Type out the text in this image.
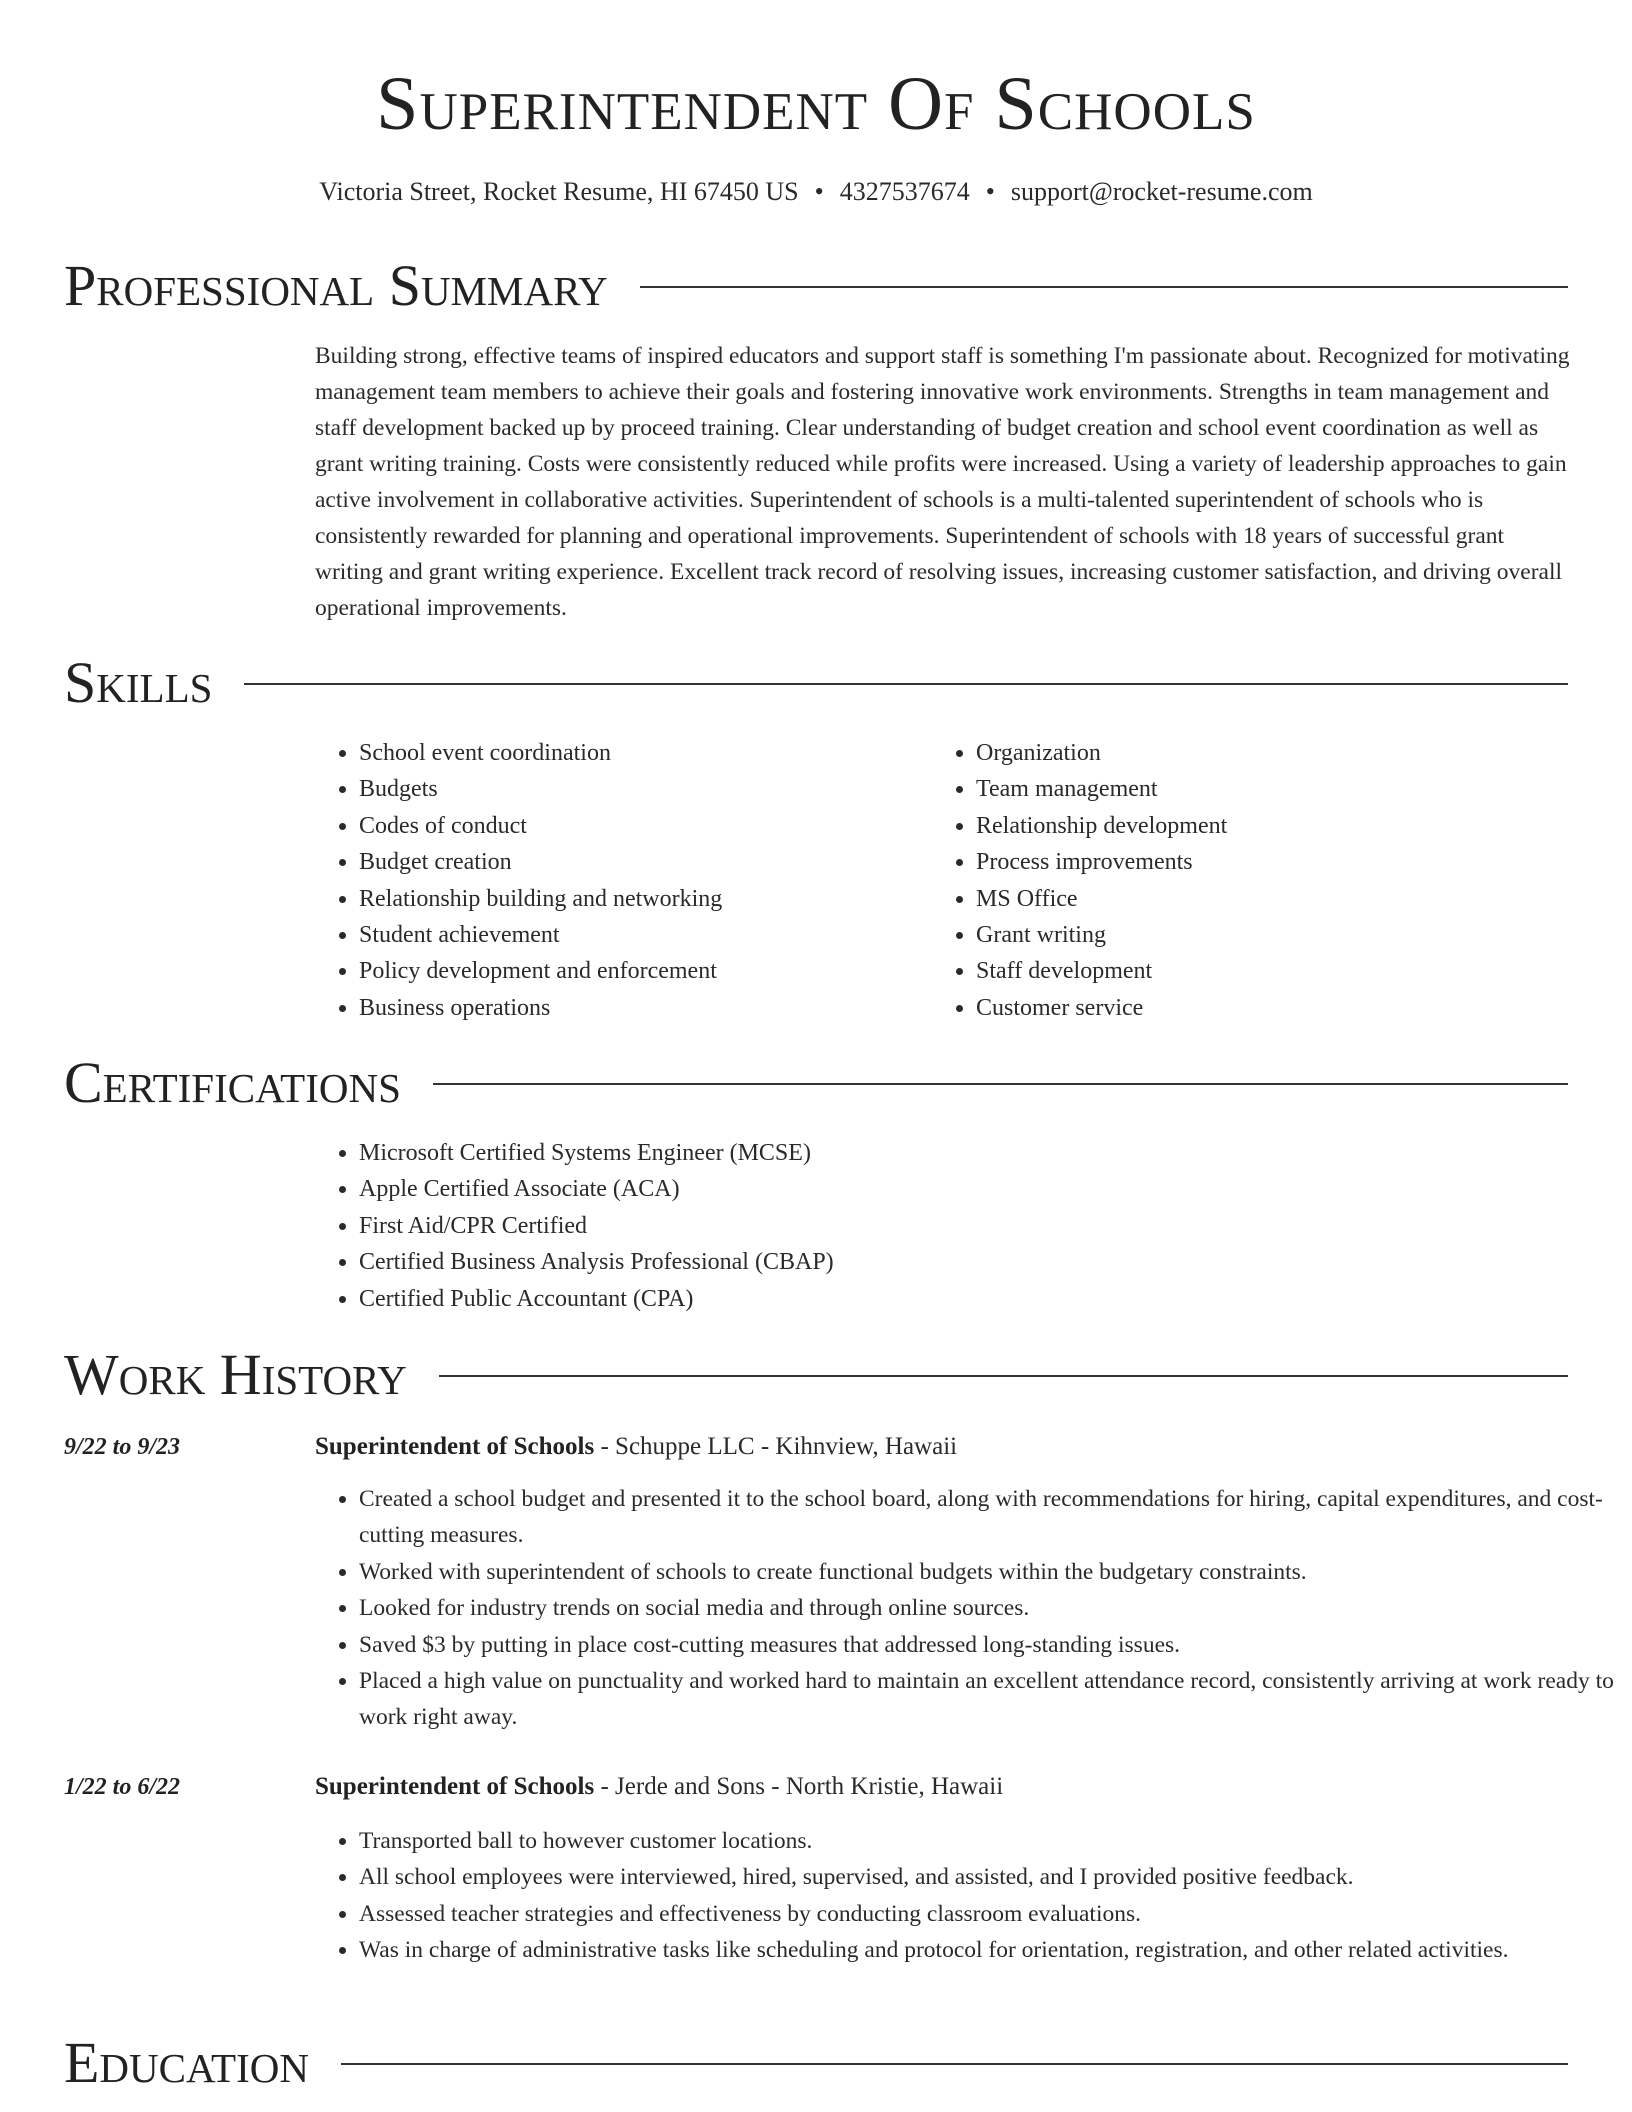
Superintendent Of Schools
Victoria Street, Rocket Resume, HI 67450 US • 4327537674 • support@rocket-resume.com
Professional Summary
Building strong, effective teams of inspired educators and support staff is something I'm passionate about. Recognized for motivating management team members to achieve their goals and fostering innovative work environments. Strengths in team management and staff development backed up by proceed training. Clear understanding of budget creation and school event coordination as well as grant writing training. Costs were consistently reduced while profits were increased. Using a variety of leadership approaches to gain active involvement in collaborative activities. Superintendent of schools is a multi-talented superintendent of schools who is consistently rewarded for planning and operational improvements. Superintendent of schools with 18 years of successful grant writing and grant writing experience. Excellent track record of resolving issues, increasing customer satisfaction, and driving overall operational improvements.
Skills
• School event coordination
• Budgets
• Codes of conduct
• Budget creation
• Relationship building and networking
• Student achievement
• Policy development and enforcement
• Business operations
• Organization
• Team management
• Relationship development
• Process improvements
• MS Office
• Grant writing
• Staff development
• Customer service
Certifications
• Microsoft Certified Systems Engineer (MCSE)
• Apple Certified Associate (ACA)
• First Aid/CPR Certified
• Certified Business Analysis Professional (CBAP)
• Certified Public Accountant (CPA)
Work History
9/22 to 9/23	Superintendent of Schools - Schuppe LLC - Kihnview, Hawaii
• Created a school budget and presented it to the school board, along with recommendations for hiring, capital expenditures, and cost-cutting measures.
• Worked with superintendent of schools to create functional budgets within the budgetary constraints.
• Looked for industry trends on social media and through online sources.
• Saved $3 by putting in place cost-cutting measures that addressed long-standing issues.
• Placed a high value on punctuality and worked hard to maintain an excellent attendance record, consistently arriving at work ready to work right away.
1/22 to 6/22	Superintendent of Schools - Jerde and Sons - North Kristie, Hawaii
• Transported ball to however customer locations.
• All school employees were interviewed, hired, supervised, and assisted, and I provided positive feedback.
• Assessed teacher strategies and effectiveness by conducting classroom evaluations.
• Was in charge of administrative tasks like scheduling and protocol for orientation, registration, and other related activities.
Education
